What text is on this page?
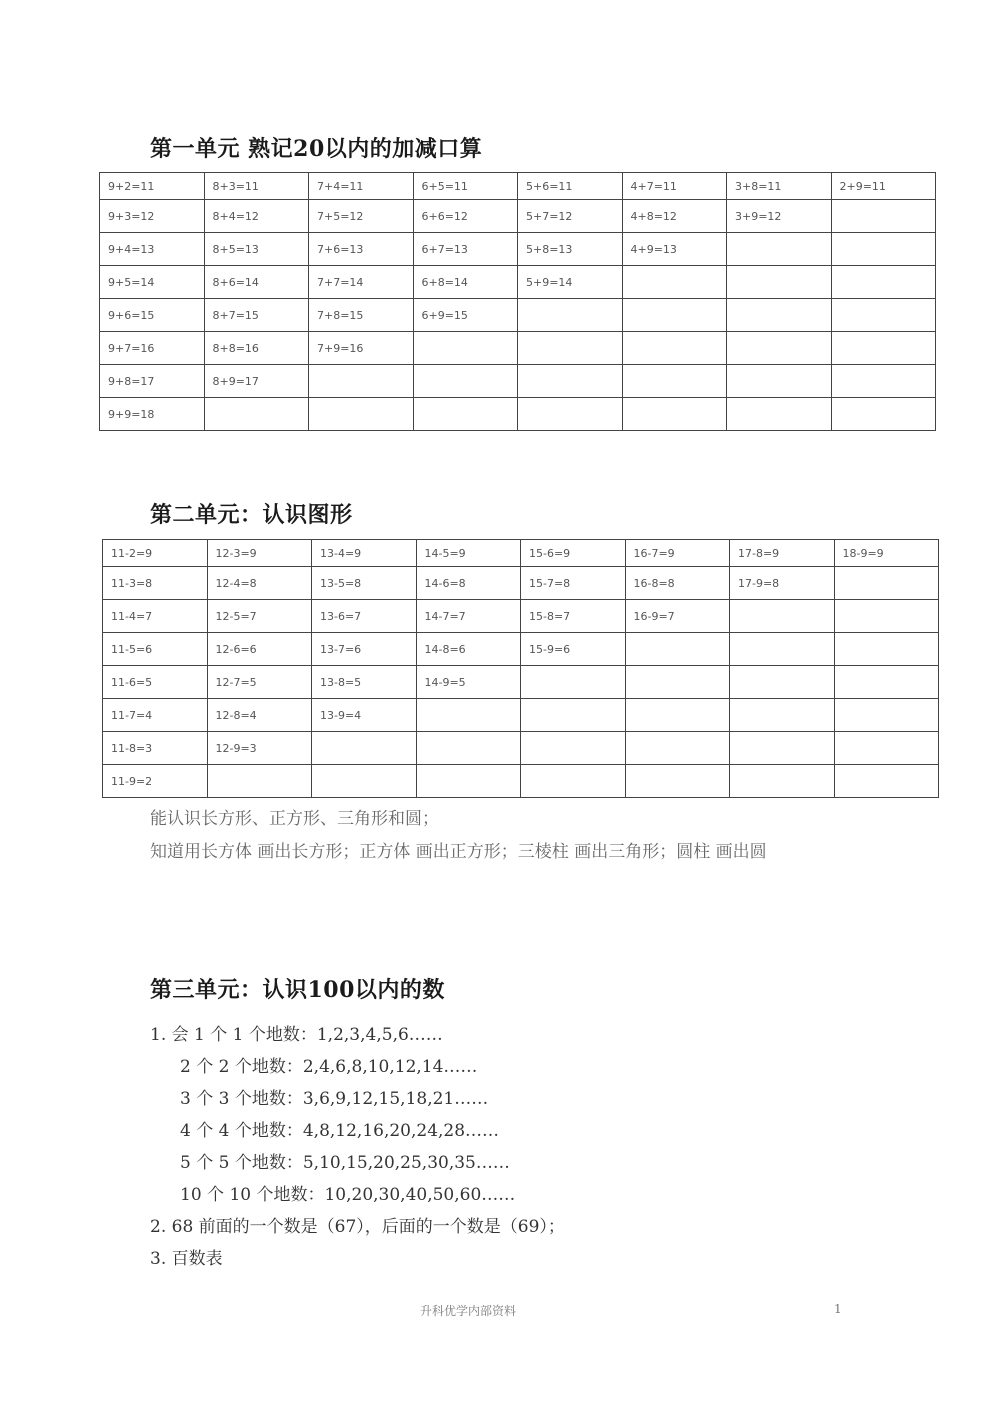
第一单元 熟记20以内的加减口算
9+2=11	8+3=11	7+4=11	6+5=11	5+6=11	4+7=11	3+8=11	2+9=11
9+3=12	8+4=12	7+5=12	6+6=12	5+7=12	4+8=12	3+9=12	
9+4=13	8+5=13	7+6=13	6+7=13	5+8=13	4+9=13		
9+5=14	8+6=14	7+7=14	6+8=14	5+9=14			
9+6=15	8+7=15	7+8=15	6+9=15				
9+7=16	8+8=16	7+9=16					
9+8=17	8+9=17						
9+9=18							
第二单元：认识图形
11-2=9	12-3=9	13-4=9	14-5=9	15-6=9	16-7=9	17-8=9	18-9=9
11-3=8	12-4=8	13-5=8	14-6=8	15-7=8	16-8=8	17-9=8	
11-4=7	12-5=7	13-6=7	14-7=7	15-8=7	16-9=7		
11-5=6	12-6=6	13-7=6	14-8=6	15-9=6			
11-6=5	12-7=5	13-8=5	14-9=5				
11-7=4	12-8=4	13-9=4					
11-8=3	12-9=3						
11-9=2							

能认识长方形、正方形、三角形和圆；

知道用长方体 画出长方形；正方体 画出正方形；三棱柱 画出三角形；圆柱 画出圆

第三单元：认识100以内的数
1. 会 1 个 1 个地数：1,2,3,4,5,6……
2 个 2 个地数：2,4,6,8,10,12,14……
3 个 3 个地数：3,6,9,12,15,18,21……
4 个 4 个地数：4,8,12,16,20,24,28……
5 个 5 个地数：5,10,15,20,25,30,35……
10 个 10 个地数：10,20,30,40,50,60……
2. 68 前面的一个数是（67），后面的一个数是（69）；
3. 百数表
升科优学内部资料	1
